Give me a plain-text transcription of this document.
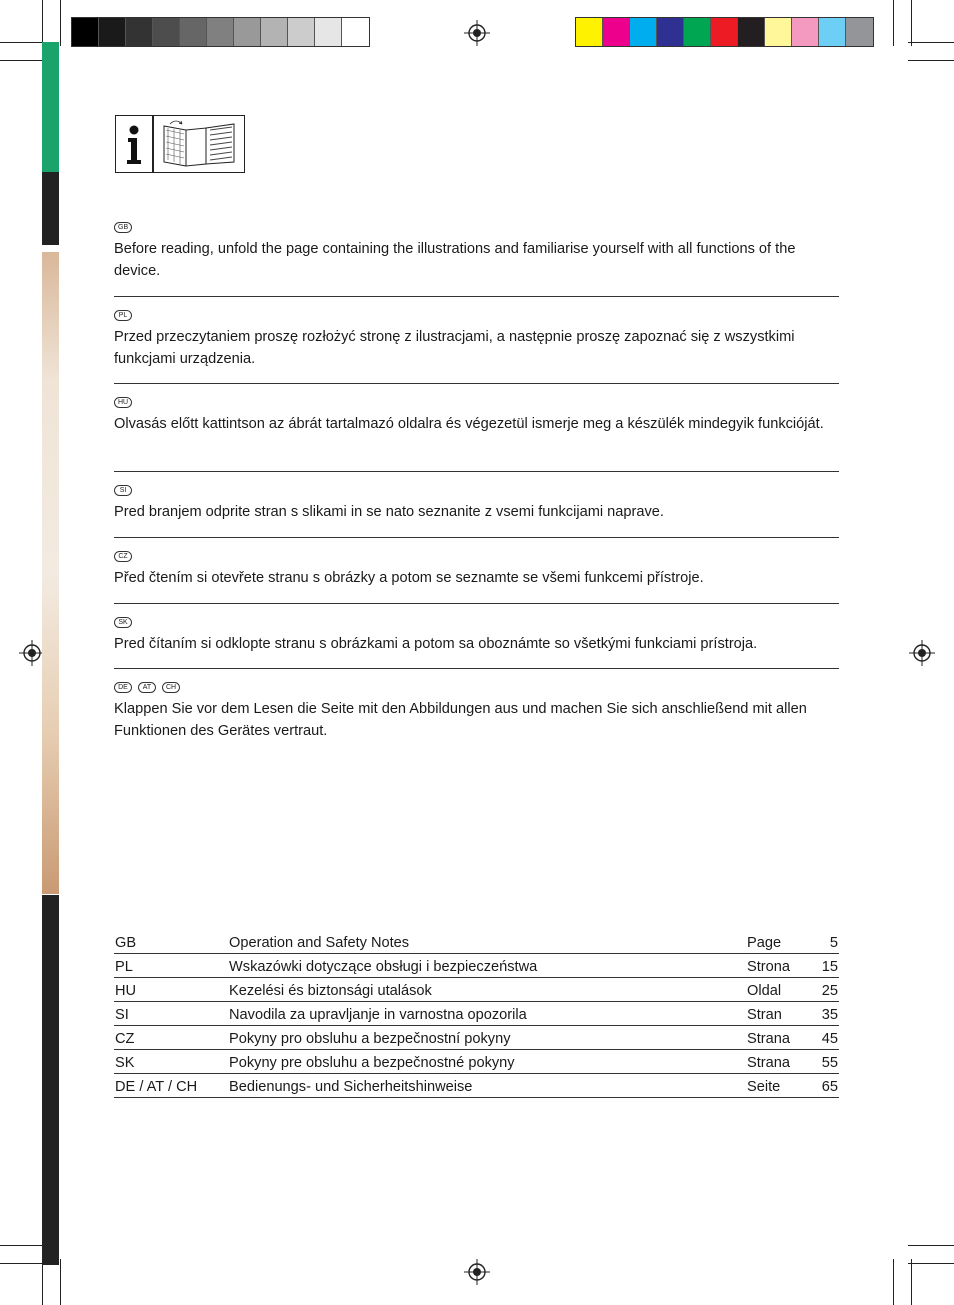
GB

Before reading, unfold the page containing the illustrations and familiarise yourself with all functions of the device.

PL

Przed przeczytaniem proszę rozłożyć stronę z ilustracjami, a następnie proszę zapoznać się z wszystkimi funkcjami urządzenia.

HU

Olvasás előtt kattintson az ábrát tartalmazó oldalra és végezetül ismerje meg a készülék mindegyik funkcióját.

SI

Pred branjem odprite stran s slikami in se nato seznanite z vsemi funkcijami naprave.

CZ

Před čtením si otevřete stranu s obrázky a potom se seznamte se všemi funkcemi přístroje.

SK

Pred čítaním si odklopte stranu s obrázkami a potom sa oboznámte so všetkými funkciami prístroja.

DE	AT	CH

Klappen Sie vor dem Lesen die Seite mit den Abbildungen aus und machen Sie sich anschließend mit allen Funktionen des Gerätes vertraut.

GB	Operation and Safety Notes	Page	5
PL	Wskazówki dotyczące obsługi i bezpieczeństwa	Strona	15
HU	Kezelési és biztonsági utalások	Oldal	25
SI	Navodila za upravljanje in varnostna opozorila	Stran	35
CZ	Pokyny pro obsluhu a bezpečnostní pokyny	Strana	45
SK	Pokyny pre obsluhu a bezpečnostné pokyny	Strana	55
DE / AT / CH	Bedienungs- und Sicherheitshinweise	Seite	65
